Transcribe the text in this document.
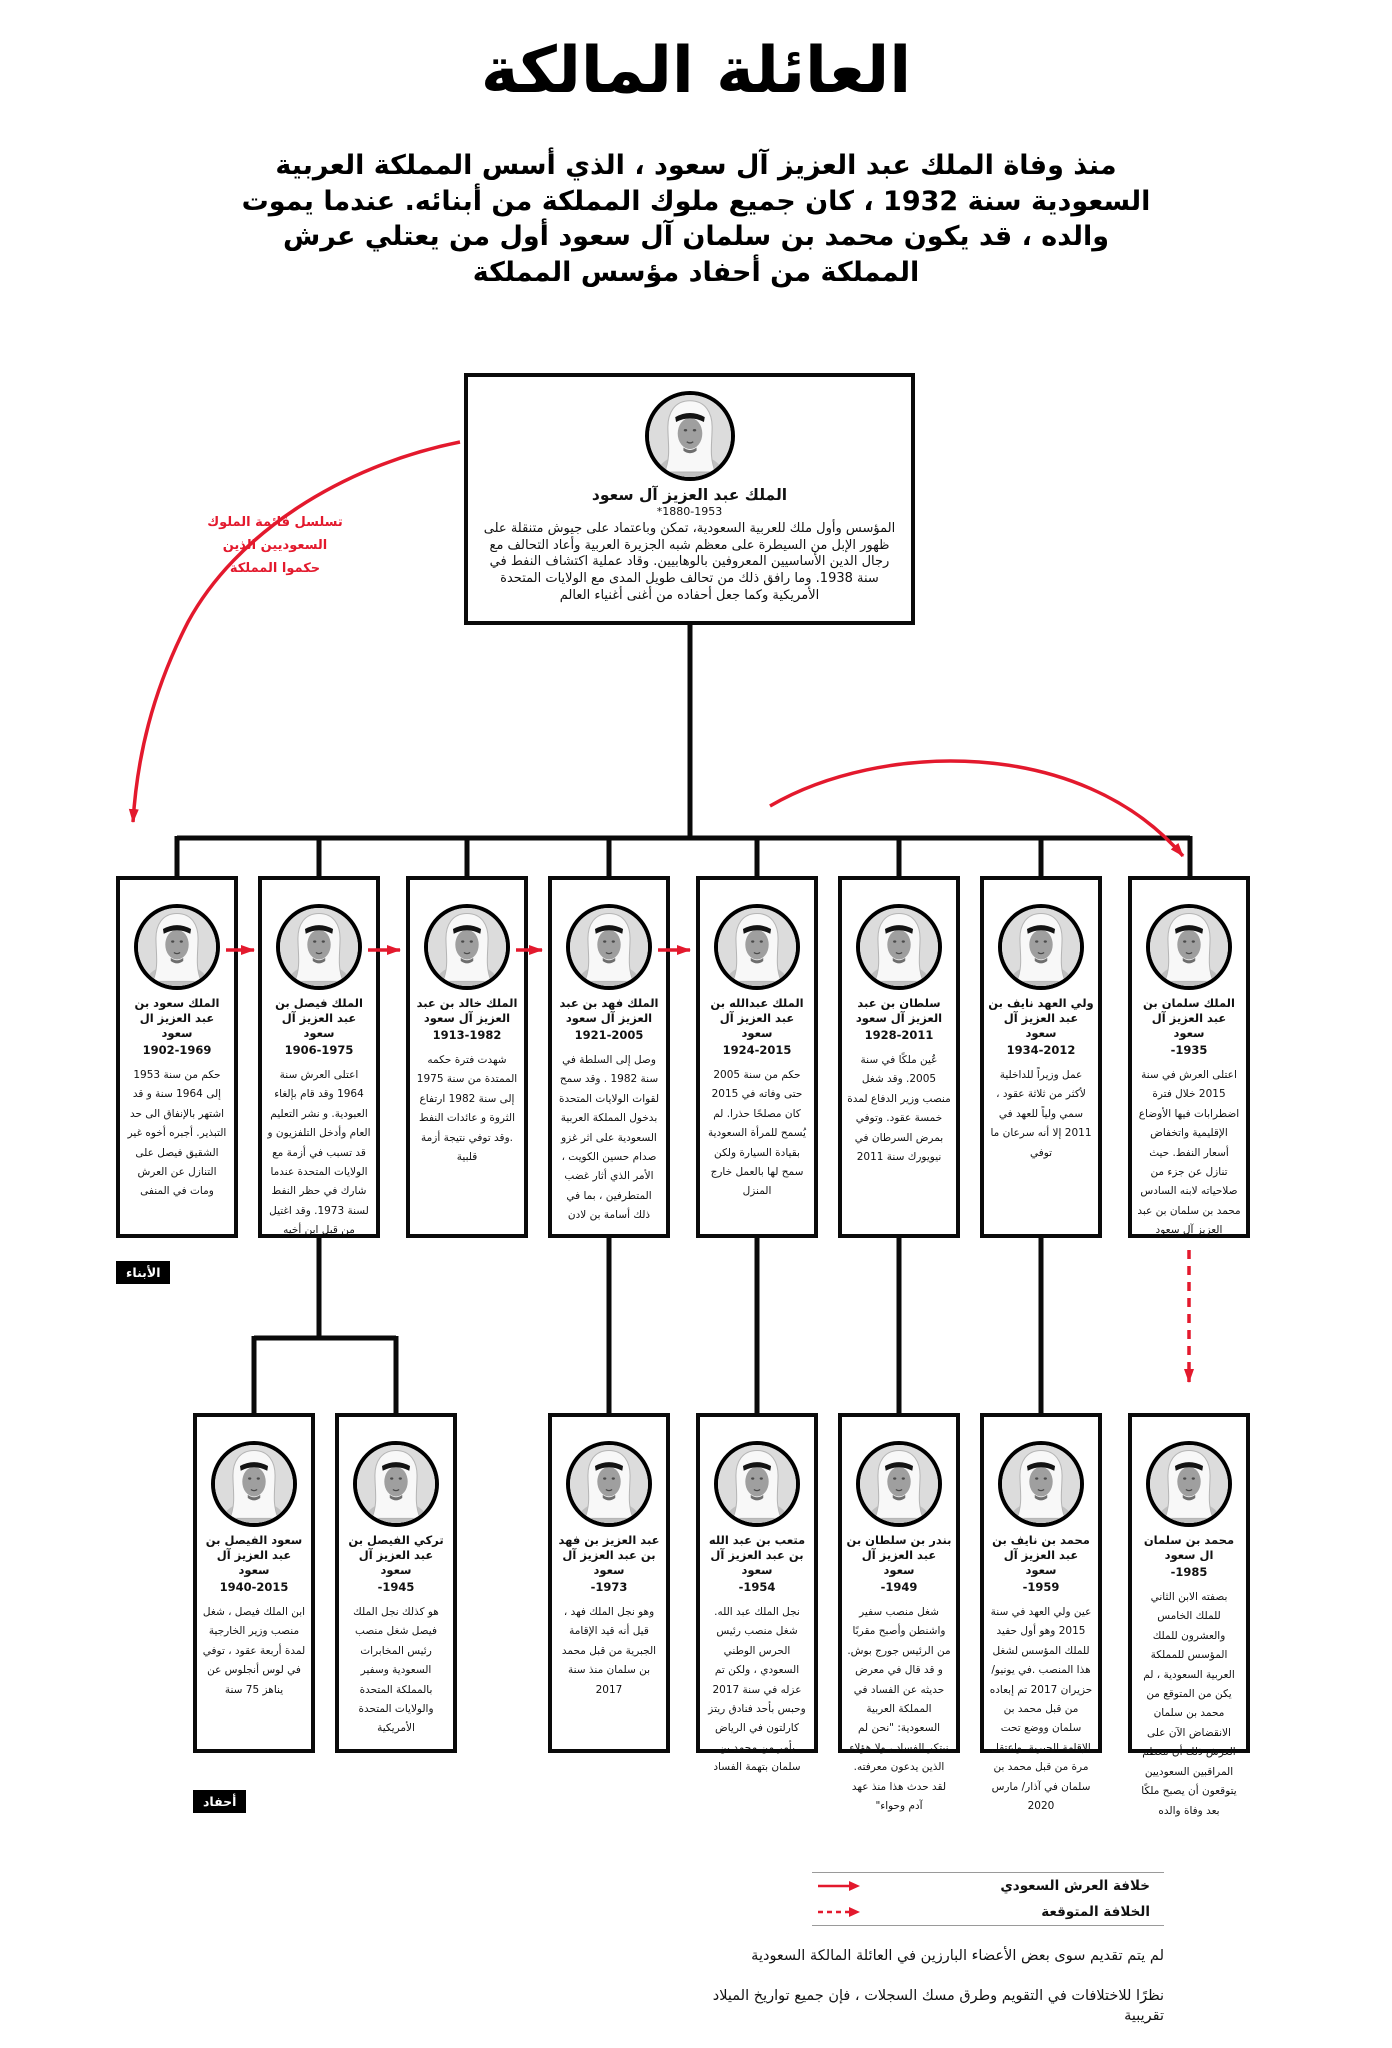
العائلة المالكة
منذ وفاة الملك عبد العزيز آل سعود ، الذي أسس المملكة العربية السعودية سنة 1932 ، كان جميع ملوك المملكة من أبنائه. عندما يموت والده ، قد يكون محمد بن سلمان آل سعود أول من يعتلي عرش المملكة من أحفاد مؤسس المملكة
تسلسل قائمة الملوك السعوديين الذين حكموا المملكة
الملك عبد العزيز آل سعود
1880-1953*
المؤسس وأول ملك للعربية السعودية، تمكن وباعتماد على جيوش متنقلة على ظهور الإبل من السيطرة على معظم شبه الجزيرة العربية وأعاد التحالف مع رجال الدين الأساسيين المعروفين بالوهابيين. وقاد عملية اكتشاف النفط في سنة 1938. وما رافق ذلك من تحالف طويل المدى مع الولايات المتحدة الأمريكية وكما جعل أحفاده من أغنى أغنياء العالم
الملك سعود بن عبد العزيز ال سعود
1902-1969
حكم من سنة 1953 إلى 1964 سنة و قد اشتهر بالإنفاق الى حد التبذير. أجبره أخوه غير الشقيق فيصل على التنازل عن العرش ومات في المنفى
الملك فيصل بن عبد العزيز آل سعود
1906-1975
اعتلى العرش سنة 1964 وقد قام بإلغاء العبودية. و نشر التعليم العام وأدخل التلفزيون و قد تسبب في أزمة مع الولايات المتحدة عندما شارك في حظر النفط لسنة 1973. وقد اغتيل من قبل ابن أخيه
الملك خالد بن عبد العزيز آل سعود
1913-1982
شهدت فترة حكمه الممتدة من سنة 1975 إلى سنة 1982 ارتفاع الثروة و عائدات النفط .وقد توفي نتيجة أزمة قلبية
الملك فهد بن عبد العزيز آل سعود
1921-2005
وصل إلى السلطة في سنة 1982 . وقد سمح لقوات الولايات المتحدة بدخول المملكة العربية السعودية على اثر غزو صدام حسين الكويت ، الأمر الذي أثار غضب المتطرفين ، بما في ذلك أسامة بن لادن
الملك عبدالله بن عبد العزيز آل سعود
1924-2015
حكم من سنة 2005 حتى وفاته في 2015 كان مصلحًا حذرا. لم يُسمح للمرأة السعودية بقيادة السيارة ولكن سمح لها بالعمل خارج المنزل
سلطان بن عبد العزيز آل سعود
1928-2011
عُين ملكًا في سنة 2005. وقد شغل منصب وزير الدفاع لمدة خمسة عقود. وتوفي بمرض السرطان في نيويورك سنة 2011
ولي العهد نايف بن عبد العزيز آل سعود
1934-2012
عمل وزيراً للداخلية لأكثر من ثلاثة عقود ، سمي ولياً للعهد في 2011 إلا أنه سرعان ما توفي
الملك سلمان بن عبد العزيز آل سعود
1935-
اعتلى العرش في سنة 2015 خلال فترة اضطرابات فيها الأوضاع الإقليمية واتخفاض أسعار النفط. حيث تنازل عن جزء من صلاحياته لابنه السادس محمد بن سلمان بن عبد العزيز آل سعود
الأبناء
سعود الفيصل بن عبد العزيز آل سعود
1940-2015
ابن الملك فيصل ، شغل منصب وزير الخارجية لمدة أربعة عقود ، توفي في لوس أنجلوس عن يناهز 75 سنة
تركي الفيصل بن عبد العزيز آل سعود
1945-
هو كذلك نجل الملك فيصل شغل منصب رئيس المخابرات السعودية وسفير بالمملكة المتحدة والولايات المتحدة الأمريكية
عبد العزيز بن فهد بن عبد العزيز آل سعود
1973-
وهو نجل الملك فهد ، قيل أنه قيد الإقامة الجبرية من قبل محمد بن سلمان منذ سنة 2017
متعب بن عبد الله بن عبد العزيز آل سعود
1954-
نجل الملك عبد الله. شغل منصب رئيس الحرس الوطني السعودي ، ولكن تم عزله في سنة 2017 وحبس بأحد فنادق ريتز كارلتون في الرياض بأمر من محمد بن سلمان بتهمة الفساد
بندر بن سلطان بن عبد العزيز آل سعود
1949-
شغل منصب سفير واشنطن وأصبح مقربًا من الرئيس جورج بوش. و قد قال في معرض حديثه عن الفساد في المملكة العربية السعودية: "نحن لم نبتكر الفساد ، ولا هؤلاء الذين يدعون معرفته. لقد حدث هذا منذ عهد آدم وحواء"
محمد بن نايف بن عبد العزيز آل سعود
1959-
عين ولي العهد في سنة 2015 وهو أول حفيد للملك المؤسس لشغل هذا المنصب .في يونيو/حزيران 2017 تم إبعاده من قبل محمد بن سلمان ووضع تحت الإقامة الجبرية. واعتقل مرة من قبل محمد بن سلمان في آذار/ مارس 2020
محمد بن سلمان ال سعود
1985-
بصفته الابن الثاني للملك الخامس والعشرون للملك المؤسس للمملكة العربية السعودية ، لم يكن من المتوقع من محمد بن سلمان الانقضاض الآن على العرش ذلك أن معظم المراقبين السعوديين يتوقعون أن يصبح ملكًا بعد وفاة والده
أحفاد
خلافة العرش السعودي
الخلافة المتوقعة
لم يتم تقديم سوى بعض الأعضاء البارزين في العائلة المالكة السعودية
نظرًا للاختلافات في التقويم وطرق مسك السجلات ، فإن جميع تواريخ الميلاد تقريبية
